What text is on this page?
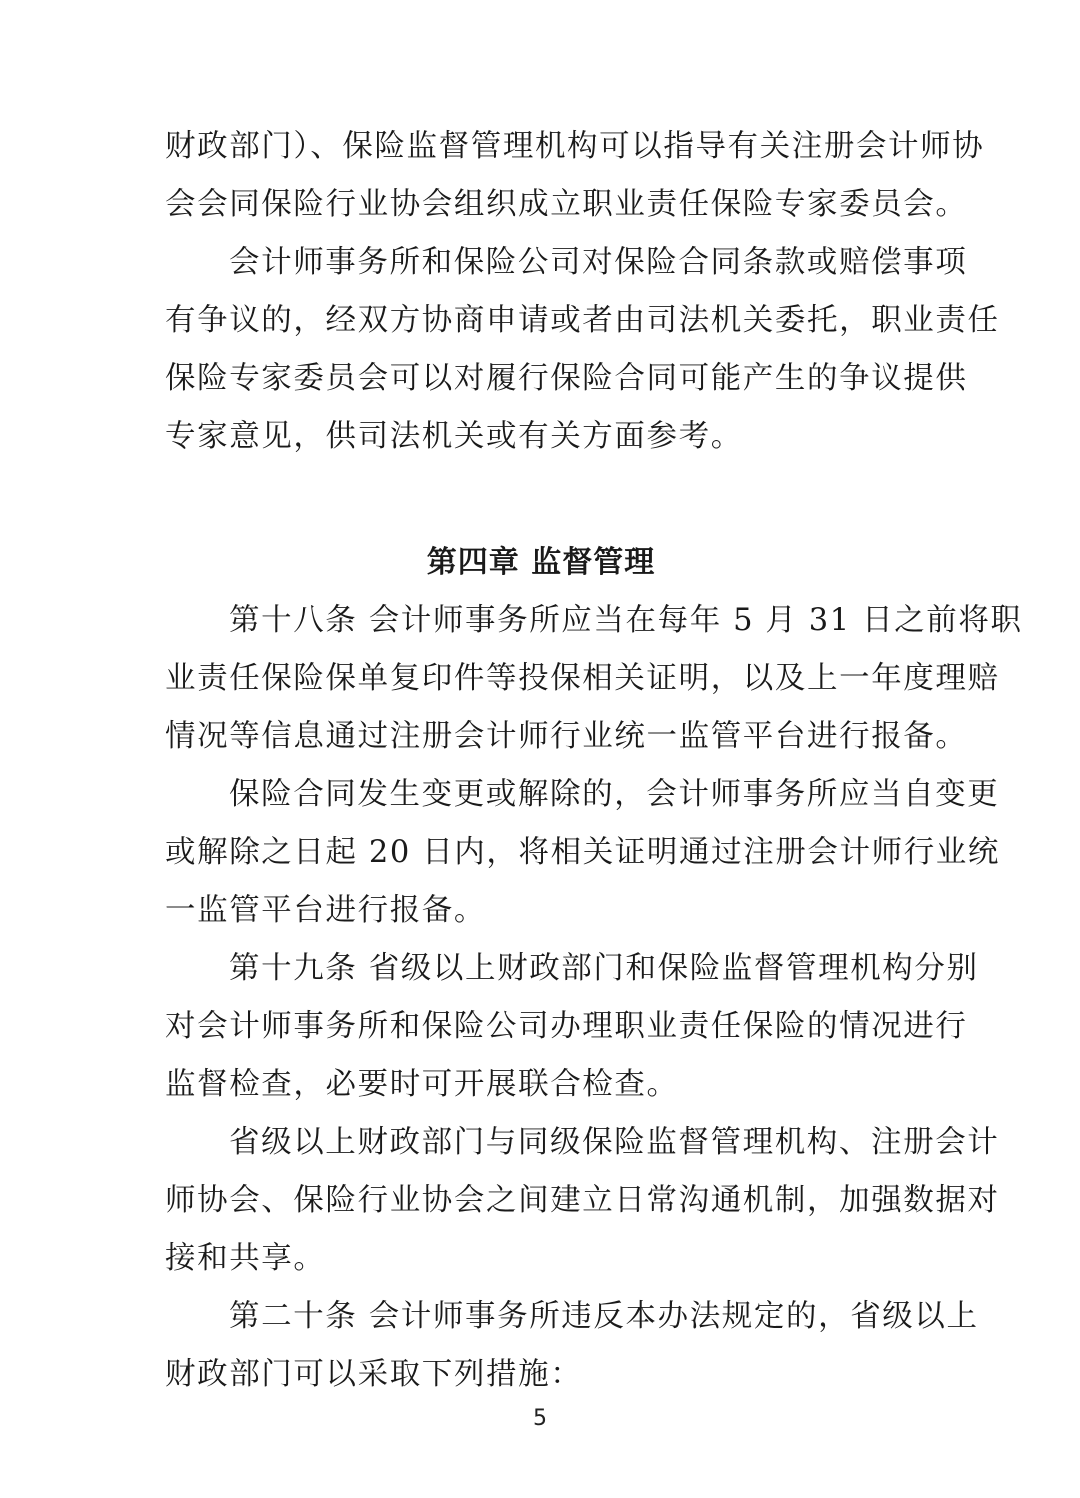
财政部门）、保险监督管理机构可以指导有关注册会计师协
会会同保险行业协会组织成立职业责任保险专家委员会。
会计师事务所和保险公司对保险合同条款或赔偿事项
有争议的，经双方协商申请或者由司法机关委托，职业责任
保险专家委员会可以对履行保险合同可能产生的争议提供
专家意见，供司法机关或有关方面参考。
第四章 监督管理
第十八条 会计师事务所应当在每年 5 月 31 日之前将职
业责任保险保单复印件等投保相关证明，以及上一年度理赔
情况等信息通过注册会计师行业统一监管平台进行报备。
保险合同发生变更或解除的，会计师事务所应当自变更
或解除之日起 20 日内，将相关证明通过注册会计师行业统
一监管平台进行报备。
第十九条 省级以上财政部门和保险监督管理机构分别
对会计师事务所和保险公司办理职业责任保险的情况进行
监督检查，必要时可开展联合检查。
省级以上财政部门与同级保险监督管理机构、注册会计
师协会、保险行业协会之间建立日常沟通机制，加强数据对
接和共享。
第二十条 会计师事务所违反本办法规定的，省级以上
财政部门可以采取下列措施：
5
